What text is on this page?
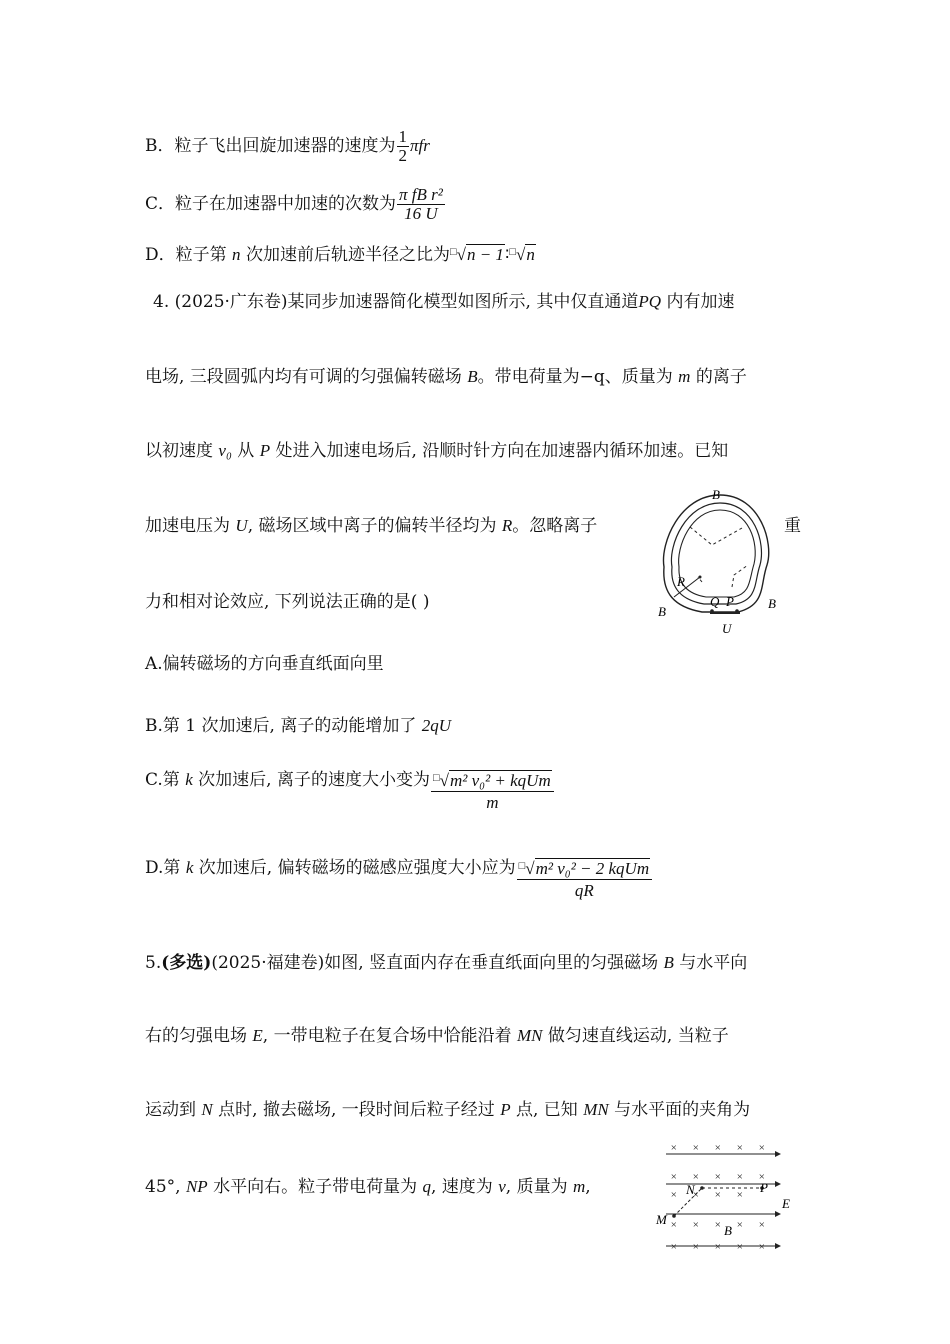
B．粒子飞出回旋加速器的速度为 $\frac{1}{2}$ πfr
C．粒子在加速器中加速的次数为 $\frac{\text{π fB r²}}{16 U}$
D．粒子第 n 次加速前后轨迹半径之比为□√n − 1∶□√n
4. (2025·广东卷)某同步加速器简化模型如图所示, 其中仅直通道PQ 内有加速
电场, 三段圆弧内均有可调的匀强偏转磁场 B。带电荷量为−q、质量为 m 的离子
以初速度 v₀ 从 P 处进入加速电场后, 沿顺时针方向在加速器内循环加速。已知
加速电压为 U, 磁场区域中离子的偏转半径均为 R。忽略离子	重
力和相对论效应, 下列说法正确的是( )
B
B
B
R
Q P
U
A.偏转磁场的方向垂直纸面向里
B.第 1 次加速后, 离子的动能增加了 2qU
C.第 k 次加速后, 离子的速度大小变为 $\frac{^□√m^2 v_0^2 + kqUm}{m}$
D.第 k 次加速后, 偏转磁场的磁感应强度大小应为 $\frac{^□√m^2 v_0^2 - 2 kqUm}{qR}$
5.(多选)(2025·福建卷)如图, 竖直面内存在垂直纸面向里的匀强磁场 B 与水平向
右的匀强电场 E, 一带电粒子在复合场中恰能沿着 MN 做匀速直线运动, 当粒子
运动到 N 点时, 撤去磁场, 一段时间后粒子经过 P 点, 已知 MN 与水平面的夹角为
45°, NP 水平向右。粒子带电荷量为 q, 速度为 v, 质量为 m,
× × × × ×
× × × × ×
× × × ×
× × × × ×
× × × × ×
N	P
E
M
B
